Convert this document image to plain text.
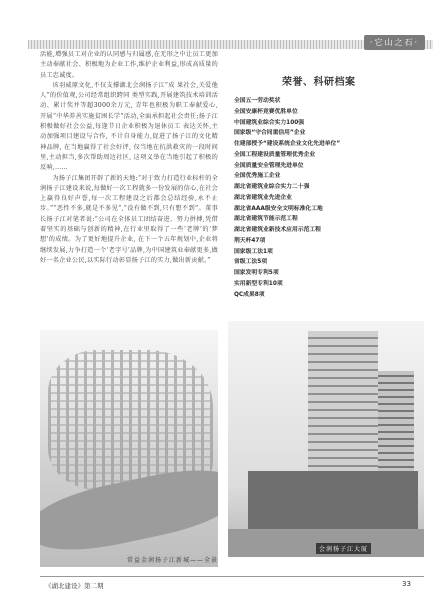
·它山之石·

活能,增强员工对企业的认同感与归属感,在无形之中让员工更加主动奉献社会、积极地为企业工作,维护企业利益,形成高质量的员工忠诚度。

该羽威原文化,不仅支撑湖北会润扬子江“成 果社会,关爱他人”的价值观,公司经常组织跨同 类型实践,开展建筑技术培训活动、累计奖并等超3000余万元, 青年也积极为职工奉献爱心, 开展“中华养善实施贫困长学”活动,全面承担起社会责任;扬子江积极做好社会公益,每逢节日企业积极为退休员工 表达关怀,主动加强项目建设与合作, 不计自身能力,促进了扬子江的文化精神品牌, 在当地赢得了社会好评, 仅当地在抗洪救灾的一段时间里,主动担当,多次帮助周边社区, 这项义举在当地引起了积极的反响,……

为扬子江集团开辟了新的天地:“对于致力打造行业标杆的全润扬子江建设来说,每做好一次工程就多一份发展的信心,在社会上赢得良好声誉,每一次工程建设之后都会总结经验,永不止步。”“恶性不多,就是不多见”,“没有做不到,只有想不到”。董事长扬子江对笔者说:“公司在全体员工团结奋进、努力拼搏,凭借着坚实的基础与创新的精神,在行业里取得了一些‘老牌’的‘梦想’的成绩。为了更好地提升企业, 在下一个五年规划中,企业将继续发展,力争打造一个‘老字号’品牌,为中国建筑业奉献更多,做好一名企业公民,以实际行动彰显扬子江的实力,做出新贡献。”

常益金润扬子江新城——全景
荣誉、科研档案
全国五一劳动奖状
全国安康杯竞赛优胜单位
中国建筑业综合实力100强
国家级“守合同重信用”企业
住建部授予“建设系统企业文化先进单位”
全国工程建设质量管理优秀企业
全国质量安全管理先进单位
全国优秀施工企业
湖北省建筑业综合实力二十强
湖北省建筑业先进企业
湖北省AAA级安全文明标准化工地
湖北省建筑节能示范工程
湖北省建筑业新技术应用示范工程
荆天杯47项
国家级工法1项
省级工法5项
国家发明专利5项
实用新型专利10项
QC成果8项
会润扬子江大厦
《湖北建设》第二期	33
